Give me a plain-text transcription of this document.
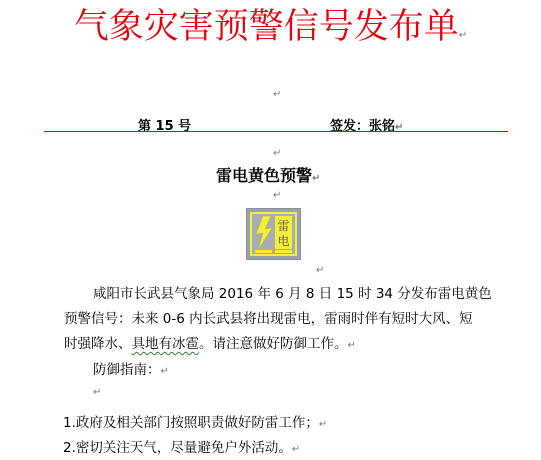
气象灾害预警信号发布单↵
↵
第 15 号	签发：张铭↵
↵
雷电黄色预警↵
↵
雷
电
↵
咸阳市长武县气象局 2016 年 6 月 8 日 15 时 34 分发布雷电黄色
预警信号：未来 0-6 内长武县将出现雷电，雷雨时伴有短时大风、短
时强降水、具地有冰雹。请注意做好防御工作。↵
防御指南：↵
↵
1.政府及相关部门按照职责做好防雷工作；↵
2.密切关注天气，尽量避免户外活动。↵
